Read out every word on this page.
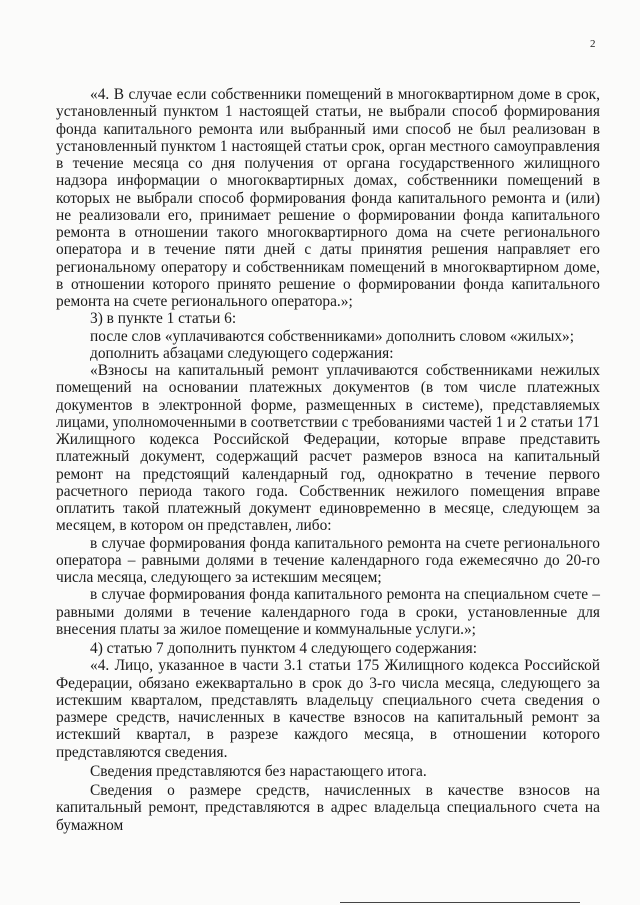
2

«4. В случае если собственники помещений в многоквартирном доме в срок, установленный пунктом 1 настоящей статьи, не выбрали способ формирования фонда капитального ремонта или выбранный ими способ не был реализован в установленный пунктом 1 настоящей статьи срок, орган местного самоуправления в течение месяца со дня получения от органа государственного жилищного надзора информации о многоквартирных домах, собственники помещений в которых не выбрали способ формирования фонда капитального ремонта и (или) не реализовали его, принимает решение о формировании фонда капитального ремонта в отношении такого многоквартирного дома на счете регионального оператора и в течение пяти дней с даты принятия решения направляет его региональному оператору и собственникам помещений в многоквартирном доме, в отношении которого принято решение о формировании фонда капитального ремонта на счете регионального оператора.»;

3) в пункте 1 статьи 6:

после слов «уплачиваются собственниками» дополнить словом «жилых»;

дополнить абзацами следующего содержания:

«Взносы на капитальный ремонт уплачиваются собственниками нежилых помещений на основании платежных документов (в том числе платежных документов в электронной форме, размещенных в системе), представляемых лицами, уполномоченными в соответствии с требованиями частей 1 и 2 статьи 171 Жилищного кодекса Российской Федерации, которые вправе представить платежный документ, содержащий расчет размеров взноса на капитальный ремонт на предстоящий календарный год, однократно в течение первого расчетного периода такого года. Собственник нежилого помещения вправе оплатить такой платежный документ единовременно в месяце, следующем за месяцем, в котором он представлен, либо:

в случае формирования фонда капитального ремонта на счете регионального оператора – равными долями в течение календарного года ежемесячно до 20-го числа месяца, следующего за истекшим месяцем;

в случае формирования фонда капитального ремонта на специальном счете – равными долями в течение календарного года в сроки, установленные для внесения платы за жилое помещение и коммунальные услуги.»;

4) статью 7 дополнить пунктом 4 следующего содержания:

«4. Лицо, указанное в части 3.1 статьи 175 Жилищного кодекса Российской Федерации, обязано ежеквартально в срок до 3-го числа месяца, следующего за истекшим кварталом, представлять владельцу специального счета сведения о размере средств, начисленных в качестве взносов на капитальный ремонт за истекший квартал, в разрезе каждого месяца, в отношении которого представляются сведения.

Сведения представляются без нарастающего итога.

Сведения о размере средств, начисленных в качестве взносов на капитальный ремонт, представляются в адрес владельца специального счета на бумажном
